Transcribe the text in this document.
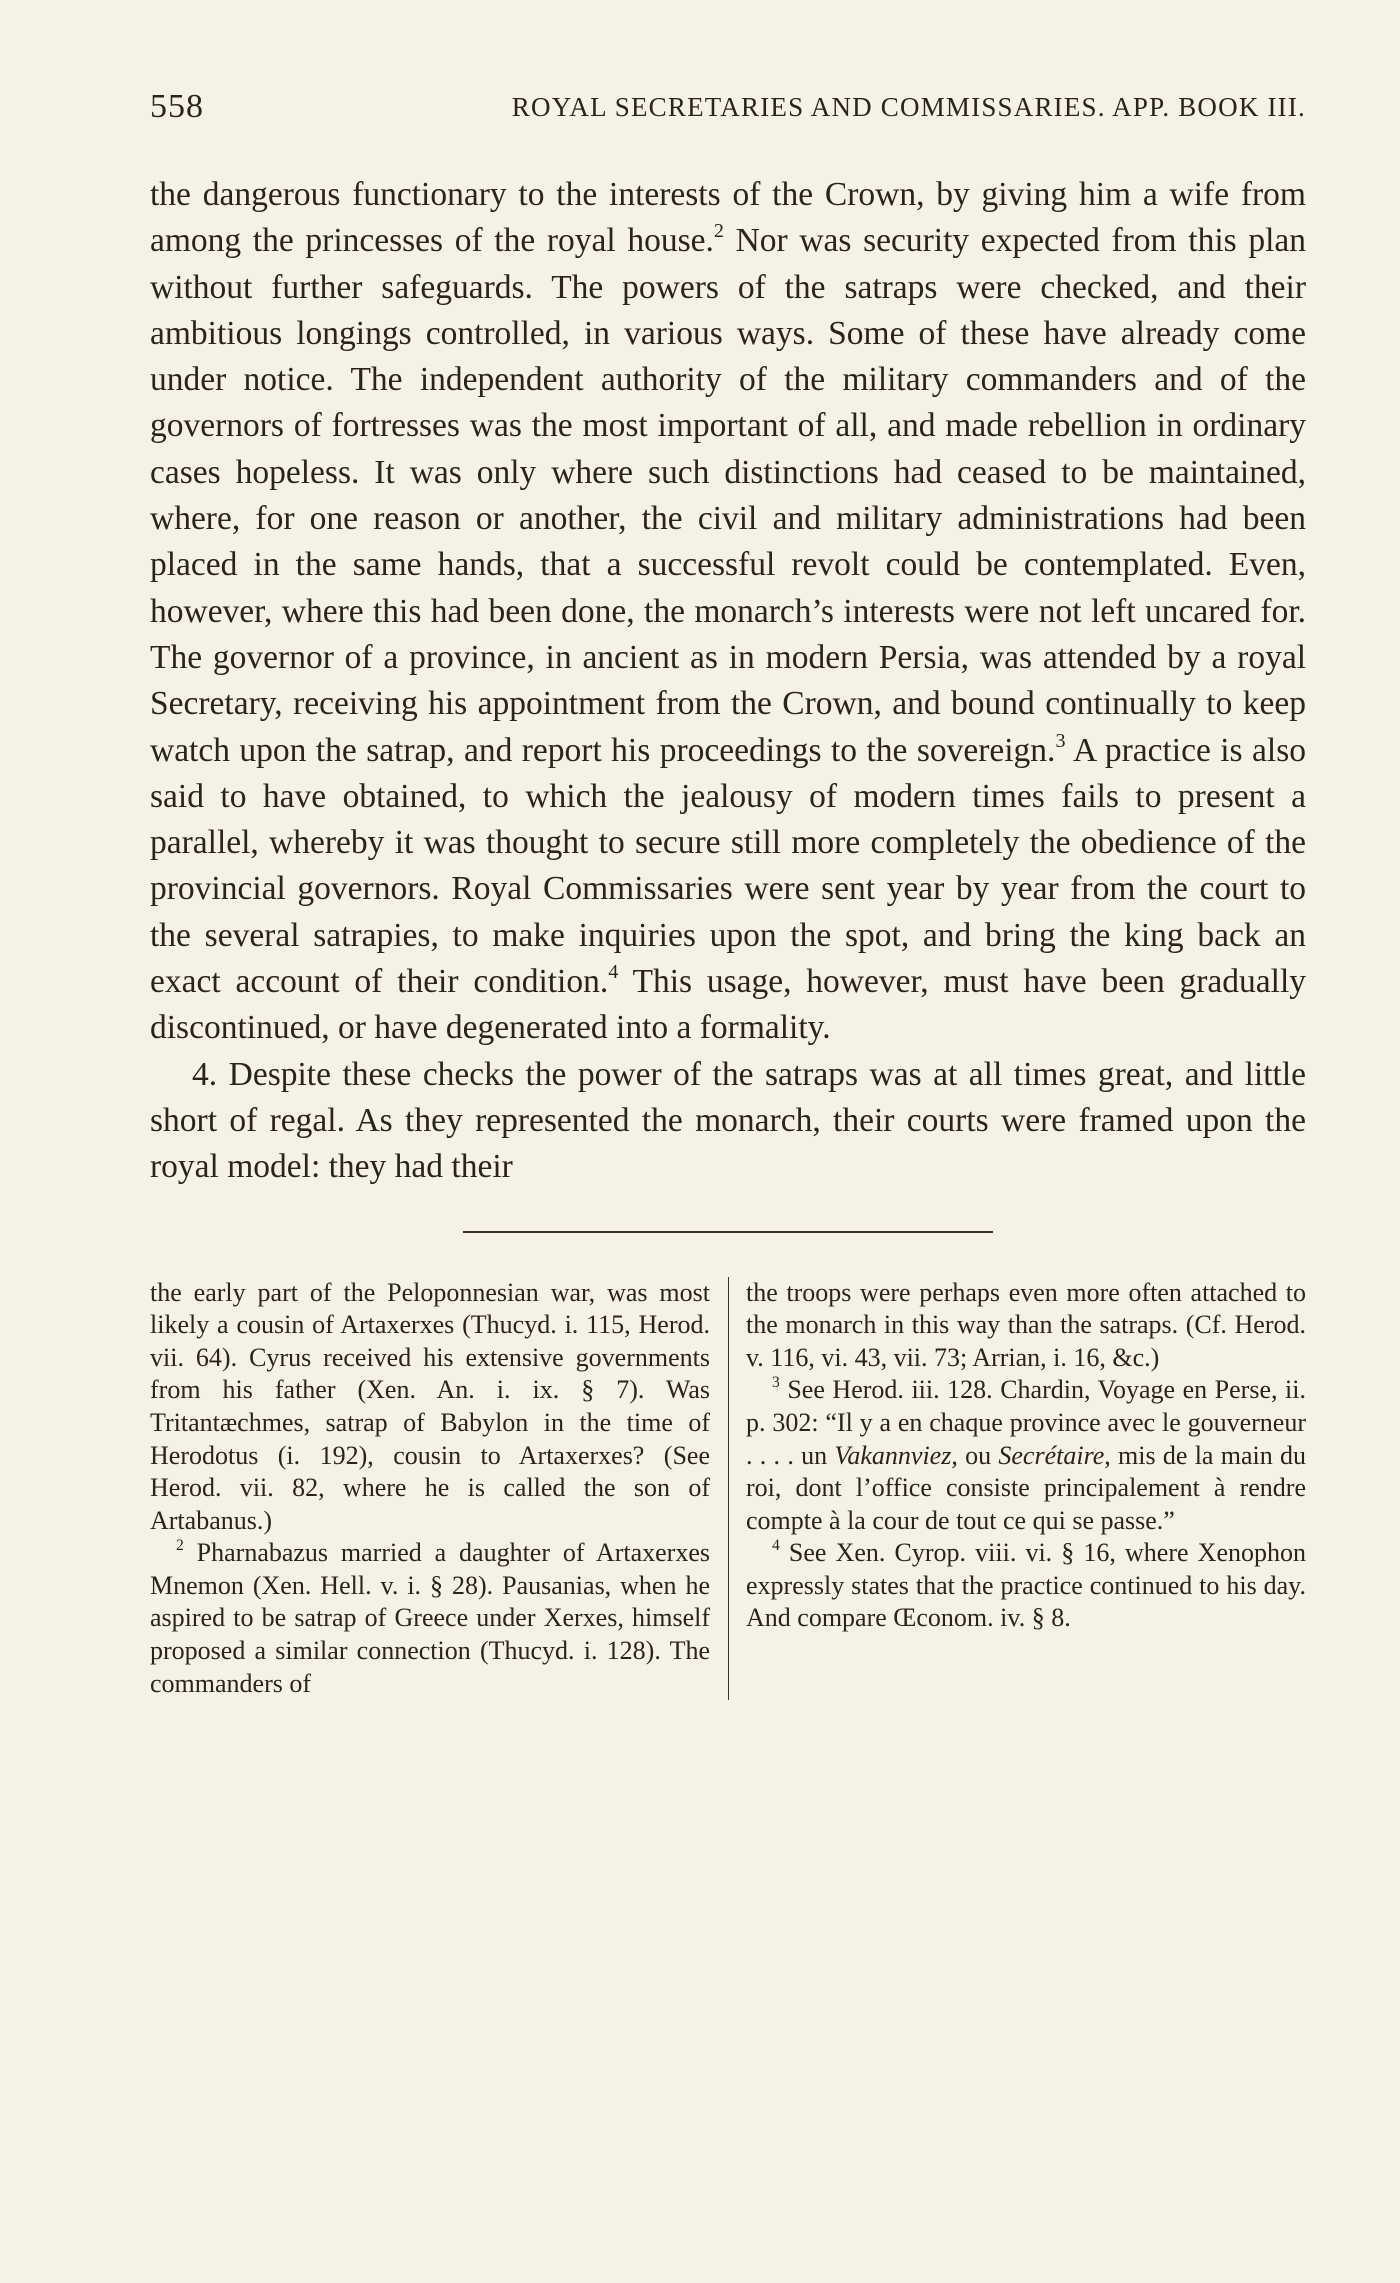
558	ROYAL SECRETARIES AND COMMISSARIES. APP. BOOK III.

the dangerous functionary to the interests of the Crown, by giving him a wife from among the princesses of the royal house.$^2$ Nor was security expected from this plan without further safeguards. The powers of the satraps were checked, and their ambitious longings controlled, in various ways. Some of these have already come under notice. The independent authority of the military commanders and of the governors of fortresses was the most important of all, and made rebellion in ordinary cases hopeless. It was only where such distinctions had ceased to be maintained, where, for one reason or another, the civil and military administrations had been placed in the same hands, that a successful revolt could be contemplated. Even, however, where this had been done, the monarch’s interests were not left uncared for. The governor of a province, in ancient as in modern Persia, was attended by a royal Secretary, receiving his appointment from the Crown, and bound continually to keep watch upon the satrap, and report his proceedings to the sovereign.$^3$ A practice is also said to have obtained, to which the jealousy of modern times fails to present a parallel, whereby it was thought to secure still more completely the obedience of the provincial governors. Royal Commissaries were sent year by year from the court to the several satrapies, to make inquiries upon the spot, and bring the king back an exact account of their condition.$^4$ This usage, however, must have been gradually discontinued, or have degenerated into a formality.

4. Despite these checks the power of the satraps was at all times great, and little short of regal. As they represented the monarch, their courts were framed upon the royal model: they had their

the early part of the Peloponnesian war, was most likely a cousin of Artaxerxes (Thucyd. i. 115, Herod. vii. 64). Cyrus received his extensive governments from his father (Xen. An. i. ix. § 7). Was Tritantæchmes, satrap of Babylon in the time of Herodotus (i. 192), cousin to Artaxerxes? (See Herod. vii. 82, where he is called the son of Artabanus.)

$^2$ Pharnabazus married a daughter of Artaxerxes Mnemon (Xen. Hell. v. i. § 28). Pausanias, when he aspired to be satrap of Greece under Xerxes, himself proposed a similar connection (Thucyd. i. 128). The commanders of

the troops were perhaps even more often attached to the monarch in this way than the satraps. (Cf. Herod. v. 116, vi. 43, vii. 73; Arrian, i. 16, &c.)

$^3$ See Herod. iii. 128. Chardin, Voyage en Perse, ii. p. 302: “Il y a en chaque province avec le gouverneur . . . . un Vakannviez, ou Secrétaire, mis de la main du roi, dont l’office consiste principalement à rendre compte à la cour de tout ce qui se passe.”

$^4$ See Xen. Cyrop. viii. vi. § 16, where Xenophon expressly states that the practice continued to his day. And compare Œconom. iv. § 8.
